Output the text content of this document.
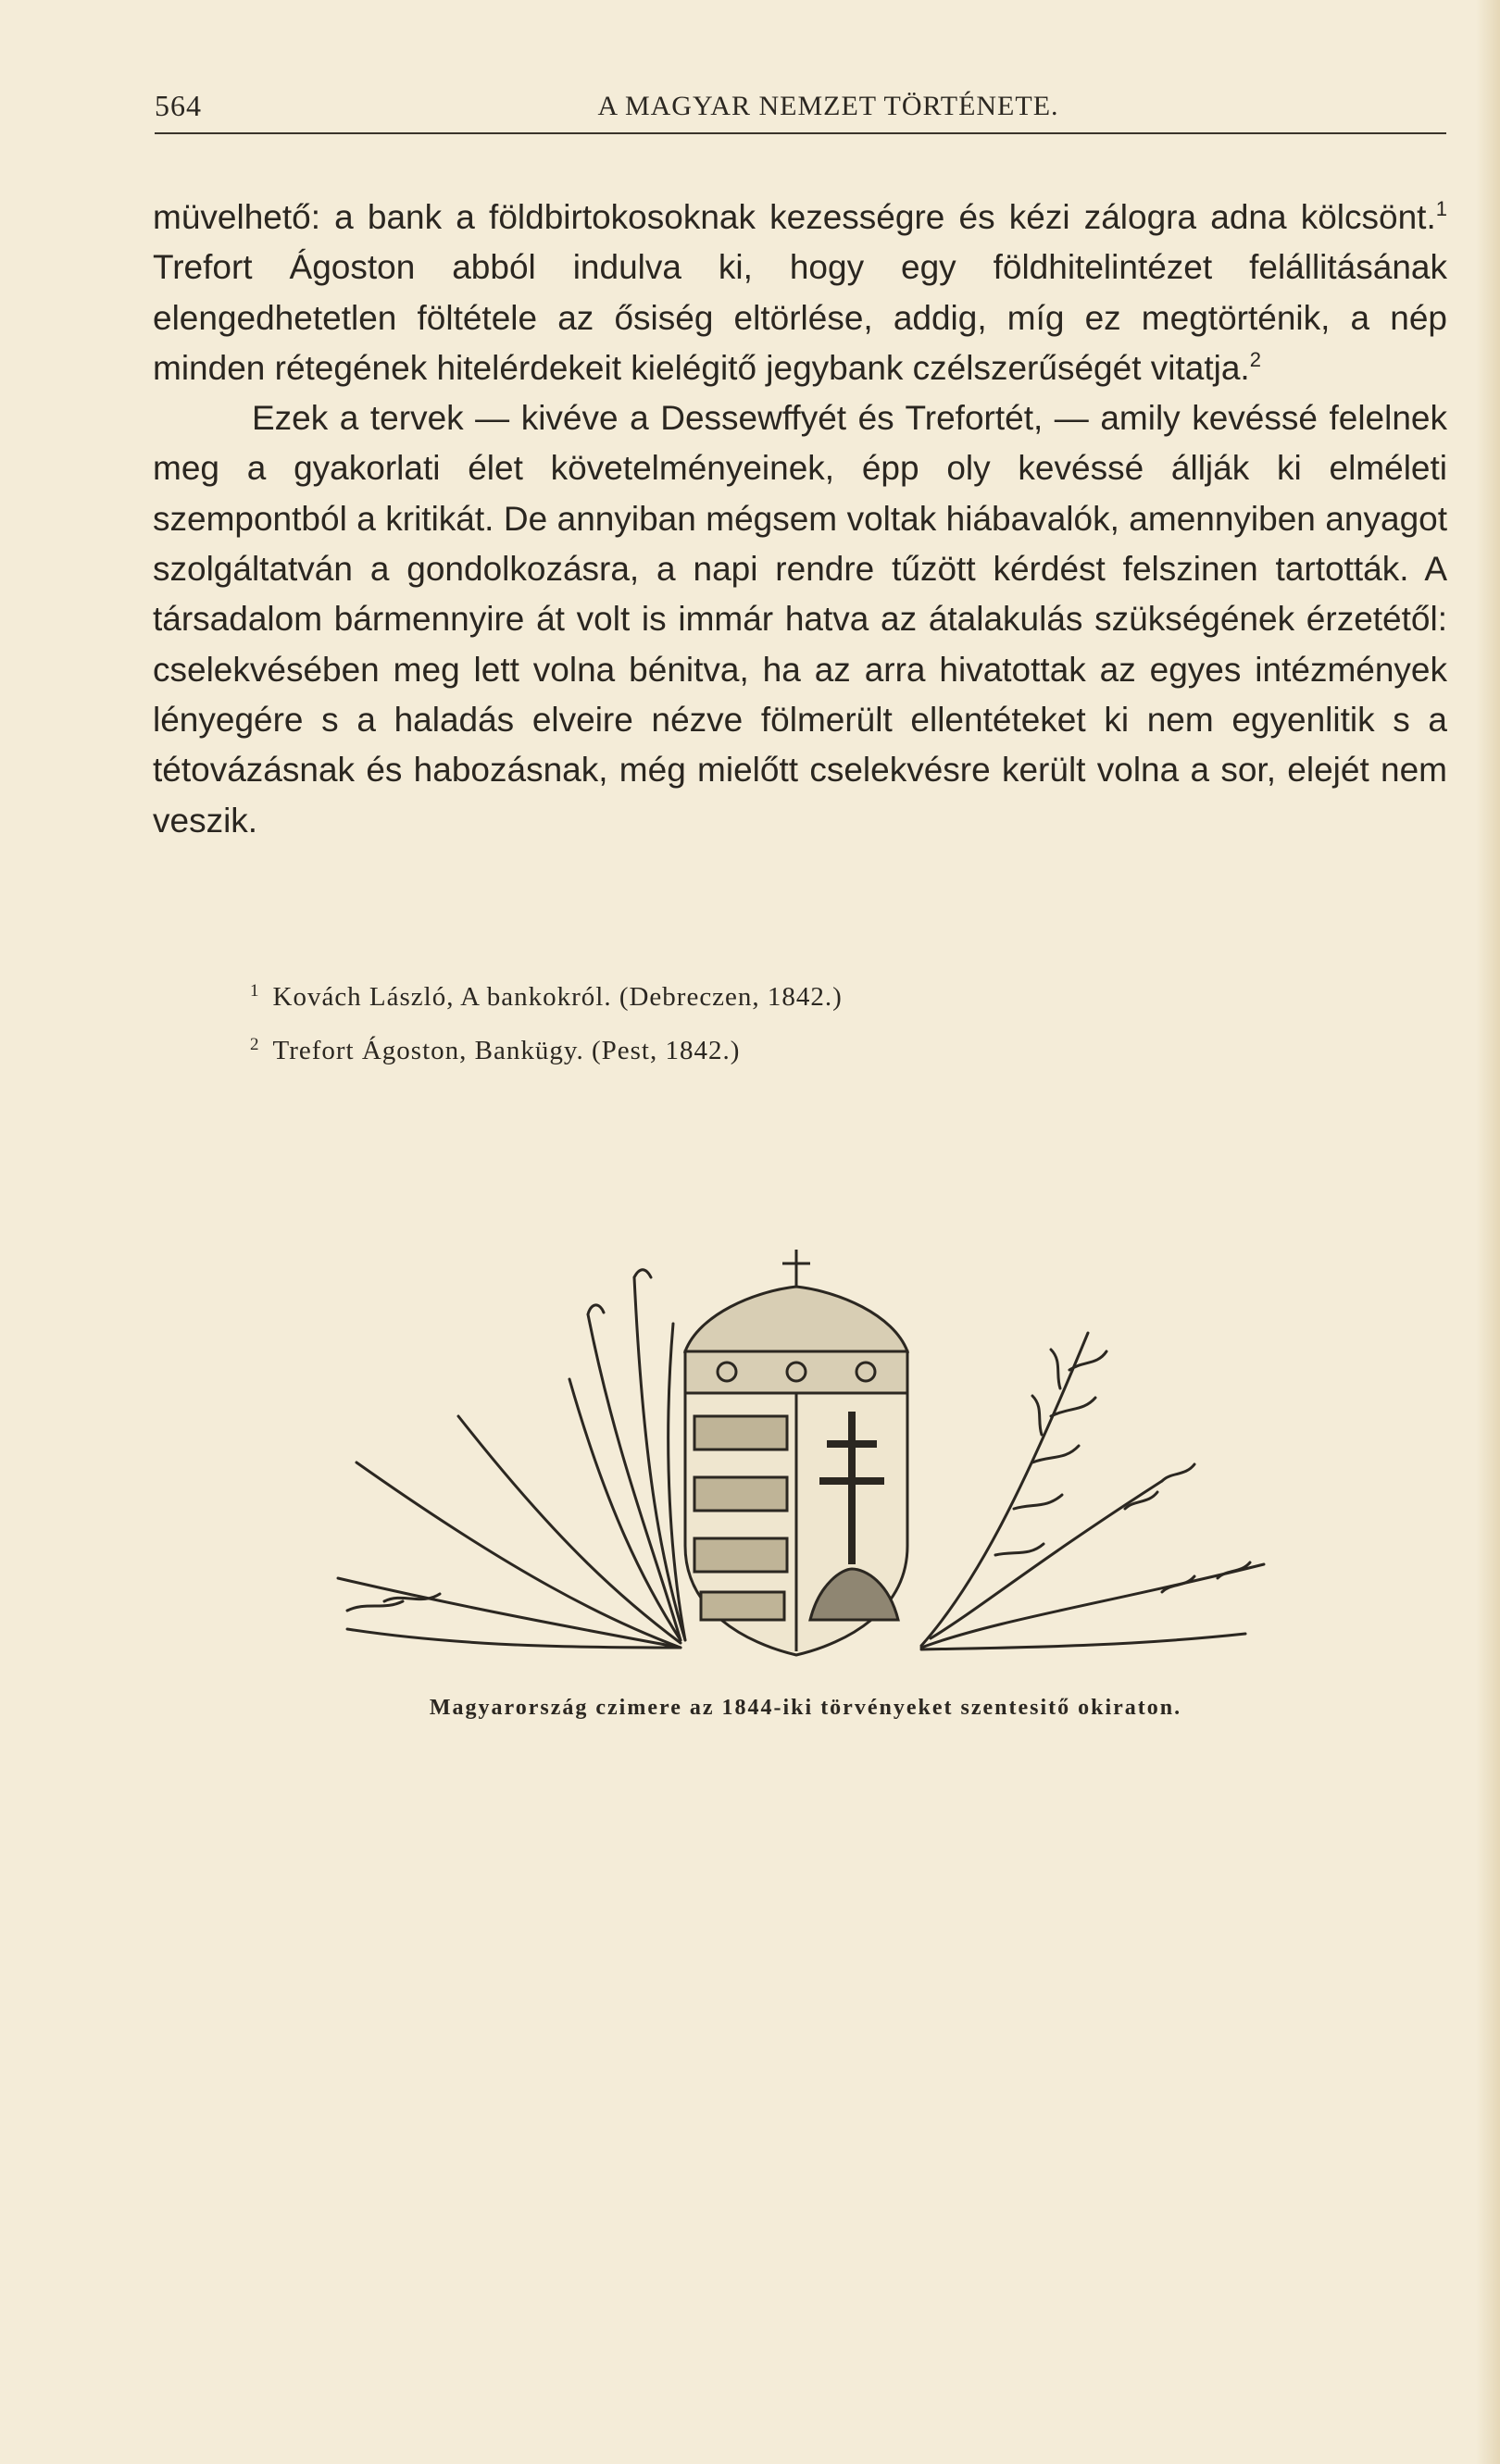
564	A MAGYAR NEMZET TÖRTÉNETE.

müvelhető: a bank a földbirtokosoknak kezességre és kézi zálogra adna kölcsönt.$^1$ Trefort Ágoston abból indulva ki, hogy egy földhitelintézet felállitásának elengedhetetlen föltétele az ősiség eltörlése, addig, míg ez megtörténik, a nép minden rétegének hitelérdekeit kielégitő jegybank czélszerűségét vitatja.$^2$

Ezek a tervek — kivéve a Dessewffyét és Trefortét, — amily kevéssé felelnek meg a gyakorlati élet követelményeinek, épp oly kevéssé állják ki elméleti szempontból a kritikát. De annyiban mégsem voltak hiábavalók, amennyiben anyagot szolgáltatván a gondolkozásra, a napi rendre tűzött kérdést felszinen tartották. A társadalom bármennyire át volt is immár hatva az átalakulás szükségének érzetétől: cselekvésében meg lett volna bénitva, ha az arra hivatottak az egyes intézmények lényegére s a haladás elveire nézve fölmerült ellentéteket ki nem egyenlitik s a tétovázásnak és habozásnak, még mielőtt cselekvésre került volna a sor, elejét nem veszik.

$^1$ Kovách László, A bankokról. (Debreczen, 1842.)
$^2$ Trefort Ágoston, Bankügy. (Pest, 1842.)
Magyarország czimere az 1844-iki törvényeket szentesitő okiraton.
